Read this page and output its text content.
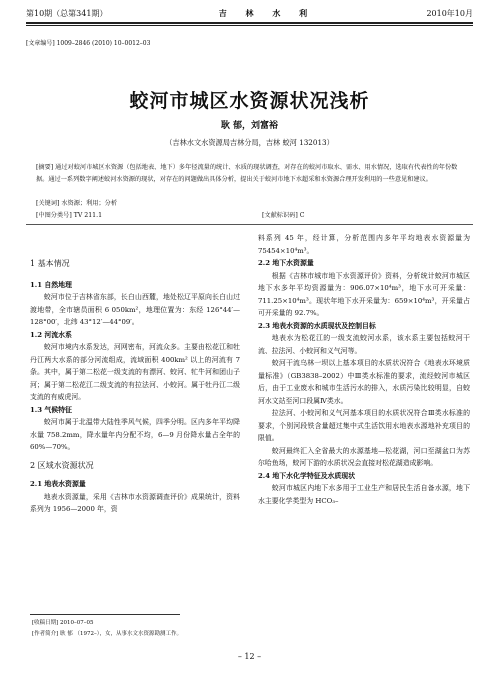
第10期（总第341期）	吉 林 水 利	2010年10月
[文章编号] 1009–2846 (2010) 10–0012–03
蛟河市城区水资源状况浅析
耿 郁，刘富裕
（吉林水文水资源局吉林分局，吉林 蛟河 132013）
[摘要] 通过对蛟河市城区水资源（包括地表、地下）多年径流量的统计、水质的现状调查，对存在的蛟河市取水、需水、用水情况，选取有代表性的年份数据。通过一系列数字阐述蛟河水资源的现状，对存在的问题做出具体分析，提出关于蛟河市地下水超采和水资源合理开发利用的一些意见和建议。
[关键词] 水资源；利用；分析
[中图分类号] TV 211.1	[文献标识码] C
1 基本情况
1.1 自然地理
蛟河市位于吉林省东部，长白山西麓，地处松辽平原向长白山过渡地带，全市辖员面积 6 050km²，地理位置为：东经 126°44′—128°00′，北纬 43°12′—44°09′。
1.2 河流水系
蛟河市境内水系发达，河网密布，河流众多。主要由松花江和牡丹江两大水系的部分河流组成，流域面积 400km² 以上的河流有 7 条。其中，属于第二松花一级支流的有漂河、蛟河、牤牛河和团山子河；属于第二松花江二级支流的有拉法河、小蛟河。属于牡丹江二级支流的有威虎河。
1.3 气候特征
蛟河市属于北温带大陆性季风气候，四季分明。区内多年平均降水量 758.2mm，降水量年内分配不均，6—9 月份降水量占全年的 60%—70%。
2 区域水资源状况
2.1 地表水资源量
地表水资源量，采用《吉林市水资源调查评价》成果统计，资料系列为 1956—2000 年，资
料系列 45 年，经计算，分析范围内多年平均地表水资源量为 75454×10⁴m³。
2.2 地下水资源量
根据《吉林市城市地下水资源评价》资料，分析统计蛟河市城区地下水多年平均资源量为：906.07×10⁴m³，地下水可开采量：711.25×10⁴m³。现状年地下水开采量为：659×10⁴m³，开采量占可开采量的 92.7%。
2.3 地表水资源的水质现状及控制目标
地表水为松花江的一级支流蛟河水系，该水系主要包括蛟河干流、拉法河、小蛟河和义气河等。
蛟河干流乌林一坝以上基本项目的水质状况符合《地表水环境质量标准》（GB3838–2002）中Ⅲ类水标准的要求，流经蛟河市城区后，由于工业废水和城市生活污水的排入，水质污染比较明显，自蛟河水文站至河口段属Ⅳ类水。
拉法河、小蛟河和义气河基本项目的水质状况符合Ⅲ类水标准的要求，个别河段铁含量超过集中式生活饮用水地表水源地补充项目的限值。
蛟河最终汇入全省最大的水源基地—松花湖，河口至湖盆口为苏尔哈鱼场，蛟河下游的水质状况会直接对松花湖造成影响。
2.4 地下水化学特征及水质现状
蛟河市城区内地下水多用于工业生产和居民生活自备水源，地下水主要化学类型为 HCO₃–
[收稿日期] 2010–07–05
[作者简介] 耿 郁 （1972–），女，从事水文水资源勘测工作。
– 12 –
